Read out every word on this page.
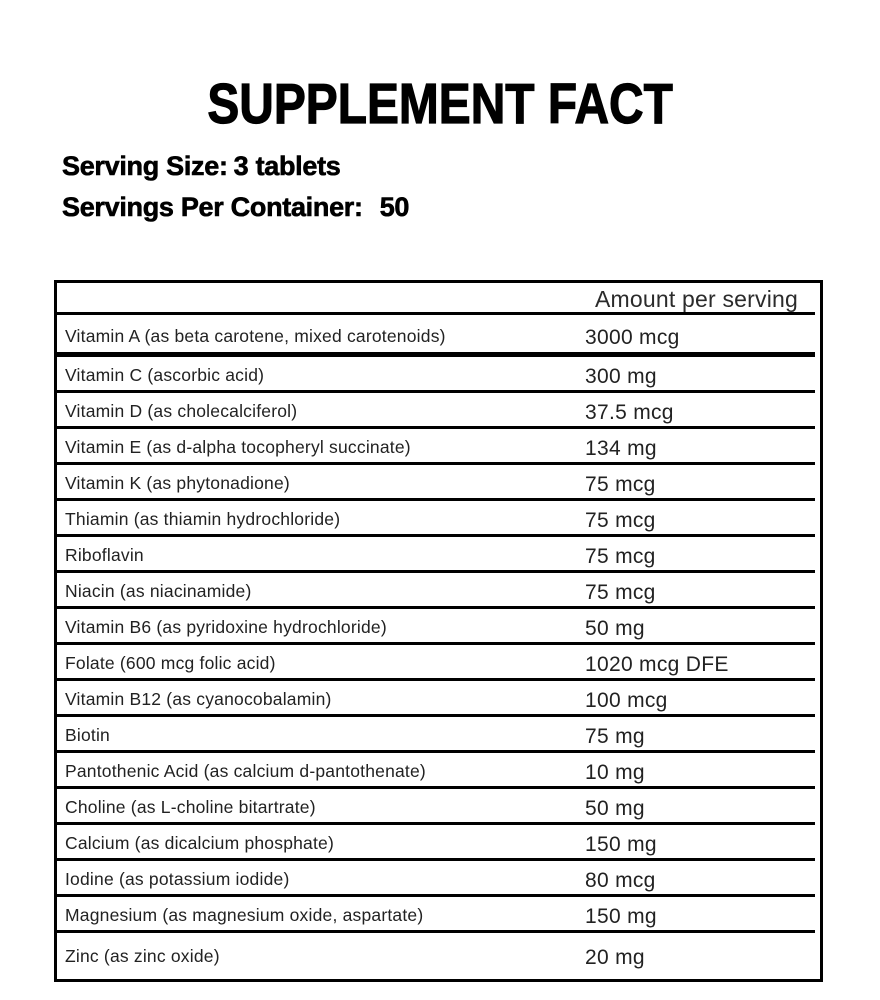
SUPPLEMENT FACT
Serving Size: 3 tablets
Servings Per Container: 50
Amount per serving
Vitamin A (as beta carotene, mixed carotenoids)	3000 mcg
Vitamin C (ascorbic acid)	300 mg
Vitamin D (as cholecalciferol)	37.5 mcg
Vitamin E (as d-alpha tocopheryl succinate)	134 mg
Vitamin K (as phytonadione)	75 mcg
Thiamin (as thiamin hydrochloride)	75 mcg
Riboflavin	75 mcg
Niacin (as niacinamide)	75 mcg
Vitamin B6 (as pyridoxine hydrochloride)	50 mg
Folate (600 mcg folic acid)	1020 mcg DFE
Vitamin B12 (as cyanocobalamin)	100 mcg
Biotin	75 mg
Pantothenic Acid (as calcium d-pantothenate)	10 mg
Choline (as L-choline bitartrate)	50 mg
Calcium (as dicalcium phosphate)	150 mg
Iodine (as potassium iodide)	80 mcg
Magnesium (as magnesium oxide, aspartate)	150 mg
Zinc (as zinc oxide)	20 mg
